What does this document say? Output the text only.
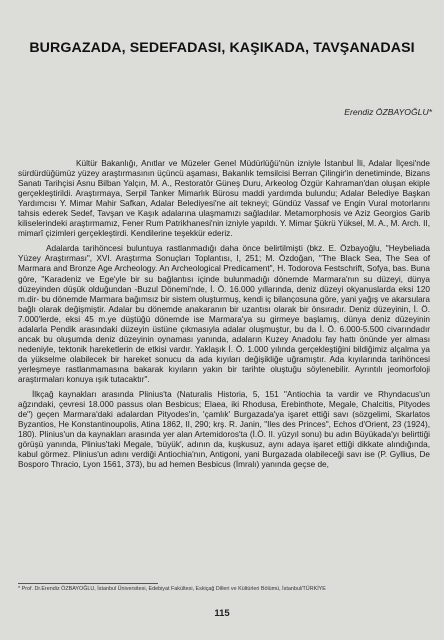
BURGAZADA, SEDEFADASI, KAŞIKADA, TAVŞANADASI
Erendiz ÖZBAYOĞLU*

Kültür Bakanlığı, Anıtlar ve Müzeler Genel Müdürlüğü'nün izniyle İstanbul İli, Adalar İlçesi'nde sürdürdüğümüz yüzey araştırmasının üçüncü aşaması, Bakanlık temsilcisi Berran Çilingir'in denetiminde, Bizans Sanatı Tarihçisi Asnu Bilban Yalçın, M. A., Restoratör Güneş Duru, Arkeolog Özgür Kahraman'dan oluşan ekiple gerçekleştirildi. Araştırmaya, Serpil Tanker Mimarlık Bürosu maddi yardımda bulundu; Adalar Belediye Başkan Yardımcısı Y. Mimar Mahir Safkan, Adalar Belediyesi'ne ait tekneyi; Gündüz Vassaf ve Engin Vural motorlarını tahsis ederek Sedef, Tavşan ve Kaşık adalarına ulaşmamızı sağladılar. Metamorphosis ve Aziz Georgios Garib kiliselerindeki araştırmamız, Fener Rum Patrikhanesi'nin izniyle yapıldı. Y. Mimar Şükrü Yüksel, M. A., M. Arch. II, mimarî çizimleri gerçekleştirdi. Kendilerine teşekkür ederiz.

Adalarda tarihöncesi buluntuya rastlanmadığı daha önce belirtilmişti (bkz. E. Özbayoğlu, "Heybeliada Yüzey Araştırması", XVI. Araştırma Sonuçları Toplantısı, I, 251; M. Özdoğan, "The Black Sea, The Sea of Marmara and Bronze Age Archeology. An Archeological Predicament", H. Todorova Festschrift, Sofya, bas. Buna göre, "Karadeniz ve Ege'yle bir su bağlantısı içinde bulunmadığı dönemde Marmara'nın su düzeyi, dünya düzeyinden düşük olduğundan -Buzul Dönemi'nde, İ. Ö. 16.000 yıllarında, deniz düzeyi okyanuslarda eksi 120 m.dir- bu dönemde Marmara bağımsız bir sistem oluşturmuş, kendi iç bilançosuna göre, yani yağış ve akarsulara bağlı olarak değişmiştir. Adalar bu dönemde anakaranın bir uzantısı olarak bir önsıradır. Deniz düzeyinin, İ. Ö. 7.000'lerde, eksi 45 m.ye düştüğü dönemde ise Marmara'ya su girmeye başlamış, dünya deniz düzeyinin adalarla Pendik arasındaki düzeyin üstüne çıkmasıyla adalar oluşmuştur, bu da İ. Ö. 6.000-5.500 civarındadır ancak bu oluşumda deniz düzeyinin oynaması yanında, adaların Kuzey Anadolu fay hattı önünde yer alması nedeniyle, tektonik hareketlerin de etkisi vardır. Yaklaşık İ. Ö. 1.000 yılında gerçekleştiğini bildiğimiz alçalma ya da yükselme olabilecek bir hareket sonucu da ada kıyıları değişikliğe uğramıştır. Ada kıyılarında tarihöncesi yerleşmeye rastlanmamasına bakarak kıyıların yakın bir tarihte oluştuğu söylenebilir. Ayrıntılı jeomorfoloji araştırmaları konuya ışık tutacaktır".

İlkçağ kaynakları arasında Plinius'ta (Naturalis Historia, 5, 151 "Antiochia ta vardir ve Rhyndacus'un ağzındaki, çevresi 18.000 passus olan Besbicus; Elaea, iki Rhodusa, Erebinthote, Megale, Chalcitis, Pityodes de") geçen Marmara'daki adalardan Pityodes'in, 'çamlık' Burgazada'ya işaret ettiği savı (sözgelimi, Skarlatos Byzantios, He Konstantinoupolis, Atina 1862, II, 290; krş. R. Janin, "Iles des Princes", Echos d'Orient, 23 (1924), 180). Plinius'un da kaynakları arasında yer alan Artemidoros'ta (İ.Ö. II. yüzyıl sonu) bu adın Büyükada'yı belirttiği görüşü yanında, Plinius'taki Megale, 'büyük', adının da, kuşkusuz, aynı adaya işaret ettiği dikkate alındığında, kabul görmez. Plinius'un adını verdiği Antiochia'nın, Antigoni, yani Burgazada olabileceği savı ise (P. Gyllius, De Bosporo Thracio, Lyon 1561, 373), bu ad hemen Besbicus (İmralı) yanında geçse de,

* Prof. Dr.Erendiz ÖZBAYOĞLU, İstanbul Üniversitesi, Edebiyat Fakültesi, Eskiçağ Dilleri ve Kültürleri Bölümü, İstanbul/TÜRKİYE
115
